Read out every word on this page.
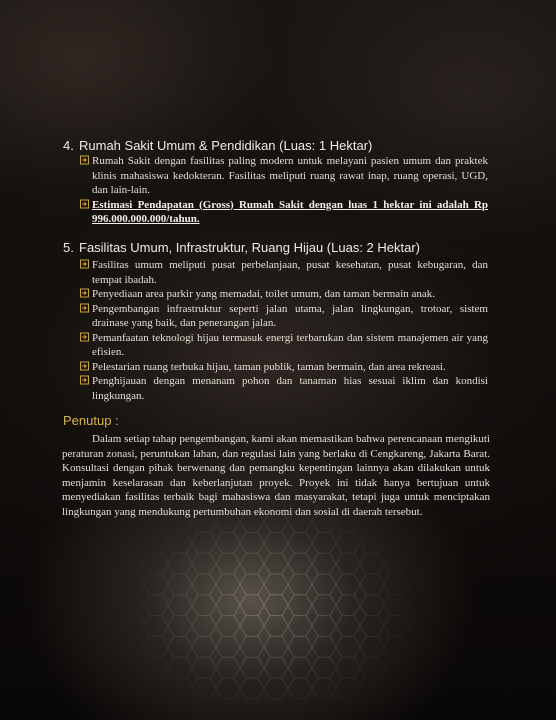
4. Rumah Sakit Umum & Pendidikan (Luas: 1 Hektar)
Rumah Sakit dengan fasilitas paling modern untuk melayani pasien umum dan praktek klinis mahasiswa kedokteran. Fasilitas meliputi ruang rawat inap, ruang operasi, UGD, dan lain-lain.
Estimasi Pendapatan (Gross) Rumah Sakit dengan luas 1 hektar ini adalah Rp 996.000.000.000/tahun.
5. Fasilitas Umum, Infrastruktur, Ruang Hijau (Luas: 2 Hektar)
Fasilitas umum meliputi pusat perbelanjaan, pusat kesehatan, pusat kebugaran, dan tempat ibadah.
Penyediaan area parkir yang memadai, toilet umum, dan taman bermain anak.
Pengembangan infrastruktur seperti jalan utama, jalan lingkungan, trotoar, sistem drainase yang baik, dan penerangan jalan.
Pemanfaatan teknologi hijau termasuk energi terbarukan dan sistem manajemen air yang efisien.
Pelestarian ruang terbuka hijau, taman publik, taman bermain, dan area rekreasi.
Penghijauan dengan menanam pohon dan tanaman hias sesuai iklim dan kondisi lingkungan.
Penutup :

Dalam setiap tahap pengembangan, kami akan memastikan bahwa perencanaan mengikuti peraturan zonasi, peruntukan lahan, dan regulasi lain yang berlaku di Cengkareng, Jakarta Barat. Konsultasi dengan pihak berwenang dan pemangku kepentingan lainnya akan dilakukan untuk menjamin keselarasan dan keberlanjutan proyek. Proyek ini tidak hanya bertujuan untuk menyediakan fasilitas terbaik bagi mahasiswa dan masyarakat, tetapi juga untuk menciptakan lingkungan yang mendukung pertumbuhan ekonomi dan sosial di daerah tersebut.
